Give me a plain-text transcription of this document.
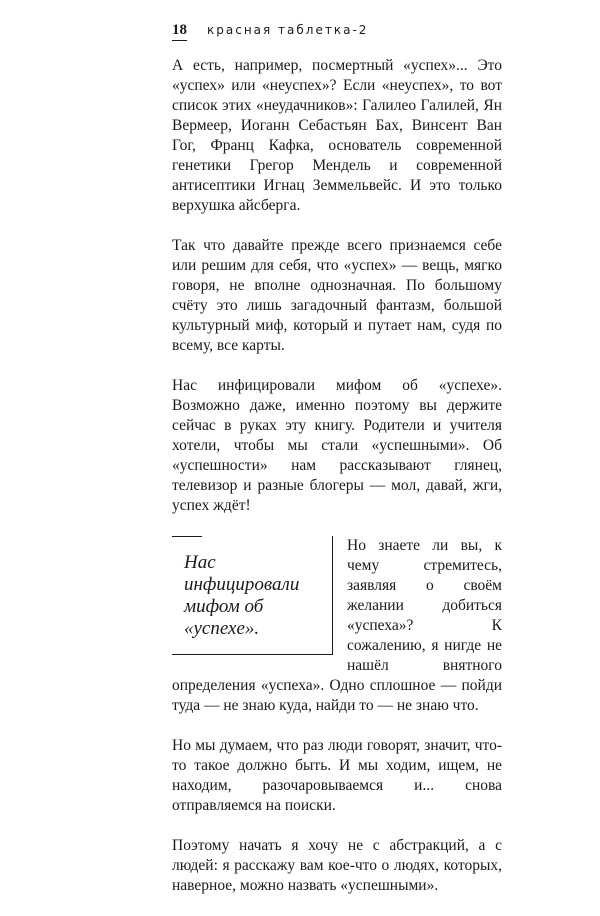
18 красная таблетка-2

А есть, например, посмертный «успех»... Это «успех» или «неуспех»? Если «неуспех», то вот список этих «неудачников»: Галилео Галилей, Ян Вермеер, Иоганн Себастьян Бах, Винсент Ван Гог, Франц Кафка, основатель современной генетики Грегор Мендель и современной антисептики Игнац Земмельвейс. И это только верхушка айсберга.

Так что давайте прежде всего признаемся себе или решим для себя, что «успех» — вещь, мягко говоря, не вполне однозначная. По большому счёту это лишь загадочный фантазм, большой культурный миф, который и путает нам, судя по всему, все карты.

Нас инфицировали мифом об «успехе». Возможно даже, именно поэтому вы держите сейчас в руках эту книгу. Родители и учителя хотели, чтобы мы стали «успешными». Об «успешности» нам рассказывают глянец, телевизор и разные блогеры — мол, давай, жги, успех ждёт!

Нас инфицировали мифом об «успехе».

Но знаете ли вы, к чему стремитесь, заявляя о своём желании добиться «успеха»? К сожалению, я нигде не нашёл внятного определения «успеха». Одно сплошное — пойди туда — не знаю куда, найди то — не знаю что.

Но мы думаем, что раз люди говорят, значит, что-то такое должно быть. И мы ходим, ищем, не находим, разочаровываемся и... снова отправляемся на поиски.

Поэтому начать я хочу не с абстракций, а с людей: я расскажу вам кое-что о людях, которых, наверное, можно назвать «успешными».
